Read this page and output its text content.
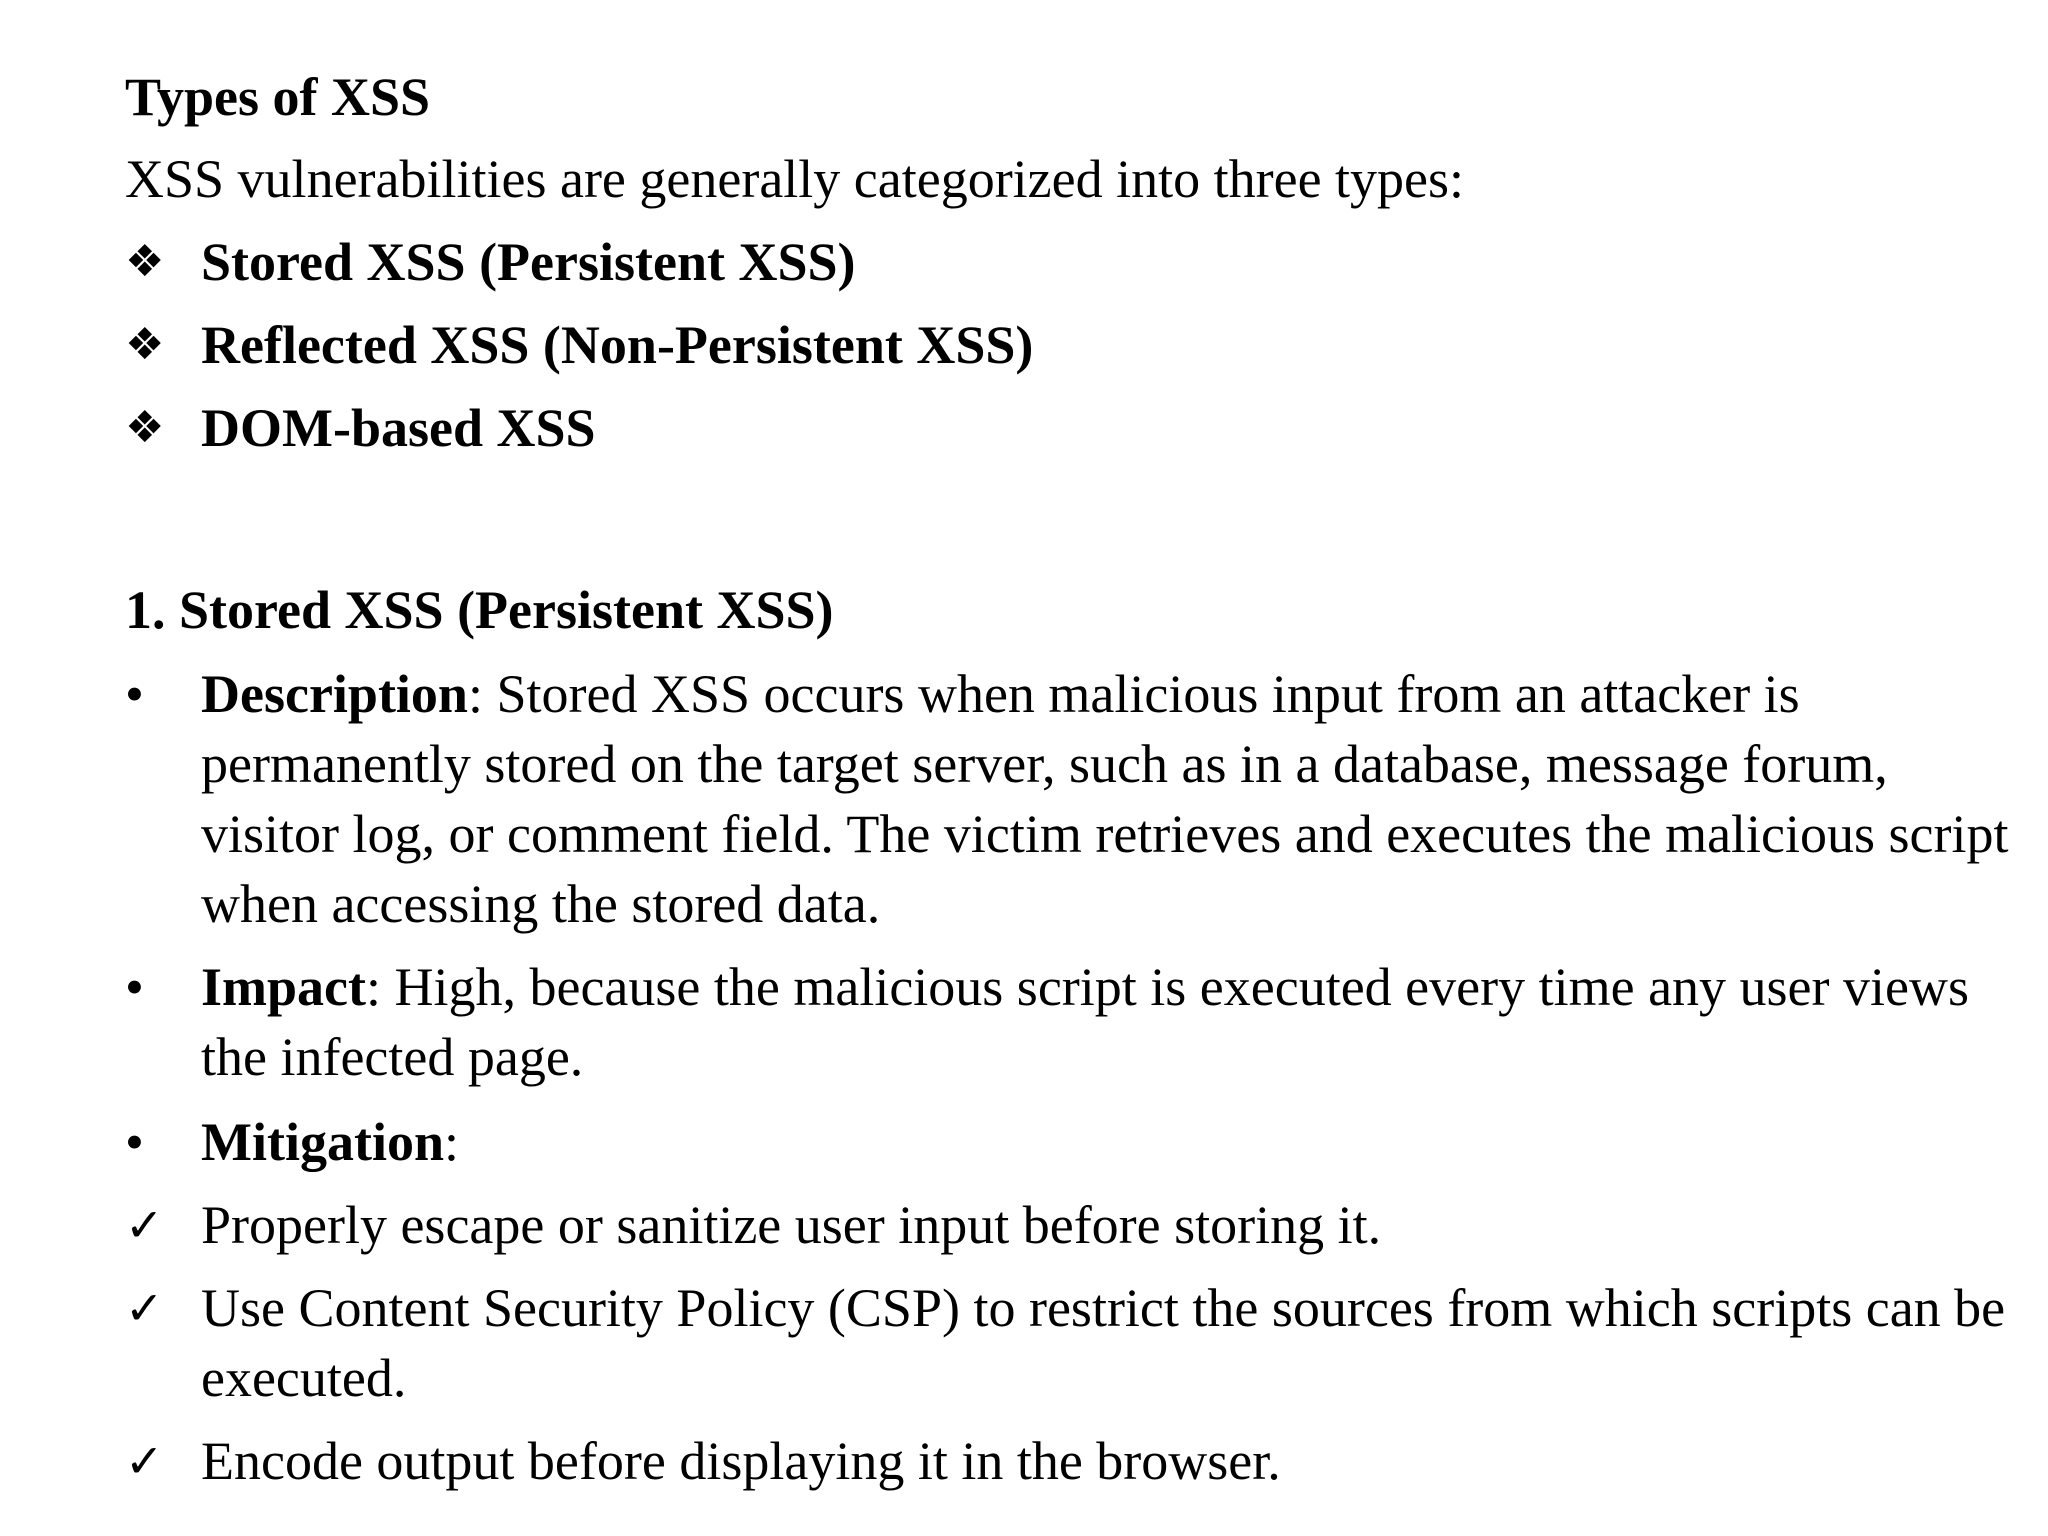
Types of XSS
XSS vulnerabilities are generally categorized into three types:
❖ Stored XSS (Persistent XSS)
❖ Reflected XSS (Non-Persistent XSS)
❖ DOM-based XSS
1. Stored XSS (Persistent XSS)
•	Description: Stored XSS occurs when malicious input from an attacker is permanently stored on the target server, such as in a database, message forum, visitor log, or comment field. The victim retrieves and executes the malicious script when accessing the stored data.
•	Impact: High, because the malicious script is executed every time any user views the infected page.
•	Mitigation:
✓ Properly escape or sanitize user input before storing it.
✓ Use Content Security Policy (CSP) to restrict the sources from which scripts can be executed.
✓ Encode output before displaying it in the browser.
